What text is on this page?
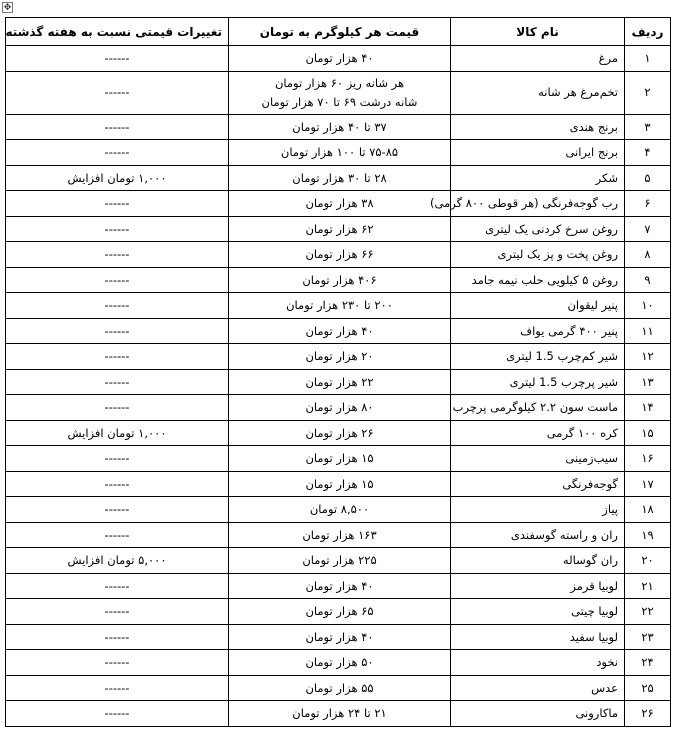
✥
ردیف	نام کالا	قیمت هر کیلوگرم به تومان	تغییرات قیمتی نسبت به هفته گذشته
۱	مرغ	۴۰ هزار تومان	------
۲	تخم‌مرغ هر شانه	هر شانه ریز ۶۰ هزار تومان
شانه درشت ۶۹ تا ۷۰ هزار تومان	------
۳	برنج هندی	۳۷ تا ۴۰ هزار تومان	------
۴	برنج ایرانی	۷۵-۸۵ تا ۱۰۰ هزار تومان	------
۵	شکر	۲۸ تا ۳۰ هزار تومان	۱,۰۰۰ تومان افزایش
۶	رب گوجه‌فرنگی (هر قوطی ۸۰۰ گرمی)	۳۸ هزار تومان	------
۷	روغن سرخ کردنی یک لیتری	۶۲ هزار تومان	------
۸	روغن پخت و پز یک لیتری	۶۶ هزار تومان	------
۹	روغن ۵ کیلویی حلب نیمه جامد	۴۰۶ هزار تومان	------
۱۰	پنیر لیقوان	۲۰۰ تا ۲۳۰ هزار تومان	------
۱۱	پنیر ۴۰۰ گرمی یواف	۴۰ هزار تومان	------
۱۲	شیر کم‌چرب 1.5 لیتری	۲۰ هزار تومان	------
۱۳	شیر پرچرب 1.5 لیتری	۲۲ هزار تومان	------
۱۴	ماست سون ۲.۲ کیلوگرمی پرچرب	۸۰ هزار تومان	------
۱۵	کره ۱۰۰ گرمی	۲۶ هزار تومان	۱,۰۰۰ تومان افزایش
۱۶	سیب‌زمینی	۱۵ هزار تومان	------
۱۷	گوجه‌فرنگی	۱۵ هزار تومان	------
۱۸	پیاز	۸,۵۰۰ تومان	------
۱۹	ران و راسته گوسفندی	۱۶۳ هزار تومان	------
۲۰	ران گوساله	۲۲۵ هزار تومان	۵,۰۰۰ تومان افزایش
۲۱	لوبیا قرمز	۴۰ هزار تومان	------
۲۲	لوبیا چیتی	۶۵ هزار تومان	------
۲۳	لوبیا سفید	۴۰ هزار تومان	------
۲۴	نخود	۵۰ هزار تومان	------
۲۵	عدس	۵۵ هزار تومان	------
۲۶	ماکارونی	۲۱ تا ۲۴ هزار تومان	------
